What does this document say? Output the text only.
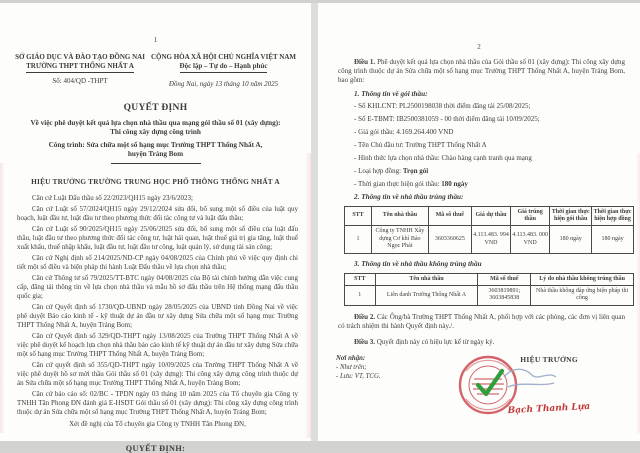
1
SỞ GIÁO DỤC VÀ ĐÀO TẠO ĐỒNG NAI
TRƯỜNG THPT THỐNG NHẤT A
Số: 404/QD -THPT
CỘNG HÒA XÃ HỘI CHỦ NGHĨA VIỆT NAM
Độc lập – Tự do – Hạnh phúc
Đồng Nai, ngày 13 tháng 10 năm 2025
QUYẾT ĐỊNH
Về việc phê duyệt kết quả lựa chọn nhà thầu qua mạng gói thầu số 01 (xây dựng): Thi công xây dựng công trình
Công trình: Sửa chữa một số hạng mục Trường THPT Thống Nhất A, huyện Trảng Bom
HIỆU TRƯỞNG TRƯỜNG TRUNG HỌC PHỔ THÔNG THỐNG NHẤT A

Căn cứ Luật Đấu thầu số 22/2023/QH15 ngày 23/6/2023;

Căn cứ Luật số 57/2024/QH15 ngày 29/12/2024 sửa đổi, bổ sung một số điều của luật quy hoạch, luật đầu tư, luật đầu tư theo phương thức đối tác công tư và luật đấu thầu;

Căn cứ Luật số 90/2025/QH15 ngày 25/06/2025 sửa đổi, bổ sung một số điều của luật đấu thầu, luật đầu tư theo phương thức đối tác công tư, luật hải quan, luật thuế giá trị gia tăng, luật thuế xuất khẩu, thuế nhập khẩu, luật đầu tư, luật đầu tư công, luật quản lý, sử dụng tài sản công;

Căn cứ Nghị định số 214/2025/ND-CP ngày 04/08/2025 của Chính phủ về việc quy định chi tiết một số điều và biện pháp thi hành Luật Đấu thầu về lựa chọn nhà thầu;

Căn cứ Thông tư số 79/2025/TT-BTC ngày 04/08/2025 của Bộ tài chính hướng dẫn việc cung cấp, đăng tải thông tin về lựa chọn nhà thầu và mẫu hồ sơ đấu thầu trên Hệ thống mạng đấu thầu quốc gia;

Căn cứ Quyết định số 1730/QD-UBND ngày 28/05/2025 của UBND tỉnh Đồng Nai về việc phê duyệt Báo cáo kinh tế - kỹ thuật dự án đầu tư xây dựng Sửa chữa một số hạng mục Trường THPT Thống Nhất A, huyện Trảng Bom;

Căn cứ Quyết định số 329/QD-THPT ngày 13/08/2025 của Trường THPT Thống Nhất A về việc phê duyệt kế hoạch lựa chọn nhà thầu báo cáo kinh tế kỹ thuật dự án đầu tư xây dựng Sửa chữa một số hạng mục Trường THPT Thống Nhất A, huyện Trảng Bom;

Căn cứ quyết định số 355/QD-THPT ngày 10/09/2025 của Trường THPT Thống Nhất A về việc phê duyệt hồ sơ mời thầu Gói thầu số 01 (xây dựng): Thi công xây dựng công trình thuộc dự án Sửa chữa một số hạng mục Trường THPT Thống Nhất A, huyện Trảng Bom;

Căn cứ báo cáo số: 02/BC - TPDN ngày 03 tháng 10 năm 2025 của Tổ chuyên gia Công ty TNHH Tân Phong ĐN đánh giá E-HSDT Gói thầu số 01 (xây dựng): Thi công xây dựng công trình thuộc dự án Sửa chữa một số hạng mục Trường THPT Thống Nhất A, huyện Trảng Bom;

Xét đề nghị của Tổ chuyên gia Công ty TNHH Tân Phong ĐN,

QUYẾT ĐỊNH:
2
Điều 1. Phê duyệt kết quả lựa chọn nhà thầu của Gói thầu số 01 (xây dựng): Thi công xây dựng công trình thuộc dự án Sửa chữa một số hạng mục Trường THPT Thống Nhất A, huyện Trảng Bom, bao gồm:
1. Thông tin về gói thầu:
- Số KHLCNT: PL2500198038 thời điểm đăng tải 25/08/2025;
- Số E-TBMT: IB2500381059 - 00 thời điểm đăng tải 10/09/2025;
- Giá gói thầu: 4.169.264.400 VND
- Tên Chủ đầu tư: Trường THPT Thống Nhất A
- Hình thức lựa chọn nhà thầu: Chào hàng cạnh tranh qua mạng
- Loại hợp đồng: Trọn gói
- Thời gian thực hiện gói thầu: 180 ngày
2. Thông tin về nhà thầu trúng thầu:
STT	Tên nhà thầu	Mã số thuế	Giá dự thầu	Giá trúng thầu	Thời gian thực hiện gói thầu	Thời gian thực hiện hợp đồng
1	Công ty TNHH Xây dựng Cơ khí Bảo Ngọc Phát	3603360625	4.113.483. 994 VND	4.113.483. 000 VND	180 ngày	180 ngày
3. Thông tin về nhà thầu không trúng thầu
STT	Tên nhà thầu	Mã số thuế	Lý do nhà thầu không trúng thầu
1	Liên danh Trường Thống Nhất A	3603819891; 3603845838	Nhà thầu không đáp ứng biện pháp thi công
Điều 2. Các Ông/bà Trường THPT Thống Nhất A, phối hợp với các phòng, các đơn vị liên quan có trách nhiệm thi hành Quyết định này./.
Điều 3. Quyết định này có hiệu lực kể từ ngày ký.
Nơi nhận:
- Như trên;
- Lưu: VT, TCG.
HIỆU TRƯỞNG
Bạch Thanh Lựa
